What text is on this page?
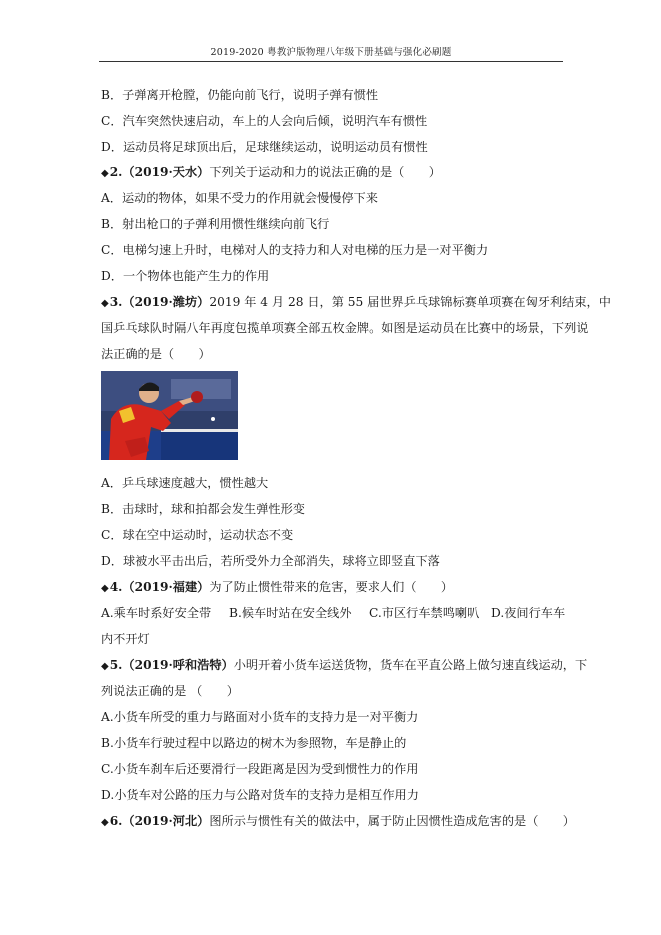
2019-2020 粤教沪版物理八年级下册基础与强化必刷题
B．子弹离开枪膛，仍能向前飞行，说明子弹有惯性
C．汽车突然快速启动，车上的人会向后倾，说明汽车有惯性
D．运动员将足球顶出后，足球继续运动，说明运动员有惯性
◆2.（2019·天水）下列关于运动和力的说法正确的是（　　）
A．运动的物体，如果不受力的作用就会慢慢停下来
B．射出枪口的子弹利用惯性继续向前飞行
C．电梯匀速上升时，电梯对人的支持力和人对电梯的压力是一对平衡力
D．一个物体也能产生力的作用
◆3.（2019·潍坊）2019 年 4 月 28 日，第 55 届世界乒乓球锦标赛单项赛在匈牙利结束，中
国乒乓球队时隔八年再度包揽单项赛全部五枚金牌。如图是运动员在比赛中的场景，下列说
法正确的是（　　）
A．乒乓球速度越大，惯性越大
B．击球时，球和拍都会发生弹性形变
C．球在空中运动时，运动状态不变
D．球被水平击出后，若所受外力全部消失，球将立即竖直下落
◆4.（2019·福建）为了防止惯性带来的危害，要求人们（　　）
A.乘车时系好安全带 B.候车时站在安全线外 C.市区行车禁鸣喇叭 D.夜间行车车
内不开灯
◆5.（2019·呼和浩特）小明开着小货车运送货物，货车在平直公路上做匀速直线运动，下
列说法正确的是 （　　）
A.小货车所受的重力与路面对小货车的支持力是一对平衡力
B.小货车行驶过程中以路边的树木为参照物，车是静止的
C.小货车刹车后还要滑行一段距离是因为受到惯性力的作用
D.小货车对公路的压力与公路对货车的支持力是相互作用力
◆6.（2019·河北）图所示与惯性有关的做法中，属于防止因惯性造成危害的是（　　）
